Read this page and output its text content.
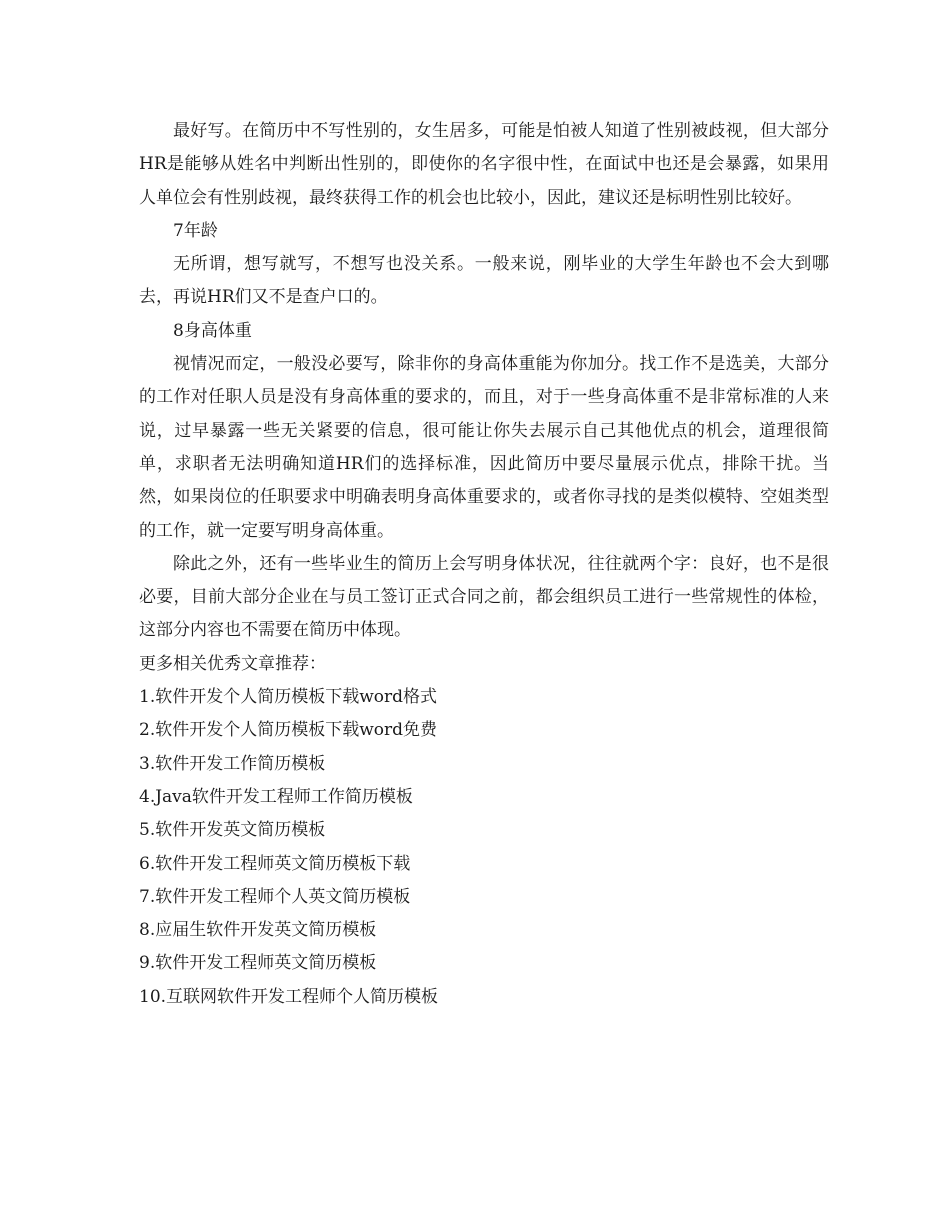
最好写。在简历中不写性别的，女生居多，可能是怕被人知道了性别被歧视，但大部分HR是能够从姓名中判断出性别的，即使你的名字很中性，在面试中也还是会暴露，如果用人单位会有性别歧视，最终获得工作的机会也比较小，因此，建议还是标明性别比较好。

7年龄

无所谓，想写就写，不想写也没关系。一般来说，刚毕业的大学生年龄也不会大到哪去，再说HR们又不是查户口的。

8身高体重

视情况而定，一般没必要写，除非你的身高体重能为你加分。找工作不是选美，大部分的工作对任职人员是没有身高体重的要求的，而且，对于一些身高体重不是非常标准的人来说，过早暴露一些无关紧要的信息，很可能让你失去展示自己其他优点的机会，道理很简单，求职者无法明确知道HR们的选择标准，因此简历中要尽量展示优点，排除干扰。当然，如果岗位的任职要求中明确表明身高体重要求的，或者你寻找的是类似模特、空姐类型的工作，就一定要写明身高体重。

除此之外，还有一些毕业生的简历上会写明身体状况，往往就两个字：良好，也不是很必要，目前大部分企业在与员工签订正式合同之前，都会组织员工进行一些常规性的体检，这部分内容也不需要在简历中体现。

更多相关优秀文章推荐：

1.软件开发个人简历模板下载word格式
2.软件开发个人简历模板下载word免费
3.软件开发工作简历模板
4.Java软件开发工程师工作简历模板
5.软件开发英文简历模板
6.软件开发工程师英文简历模板下载
7.软件开发工程师个人英文简历模板
8.应届生软件开发英文简历模板
9.软件开发工程师英文简历模板
10.互联网软件开发工程师个人简历模板
